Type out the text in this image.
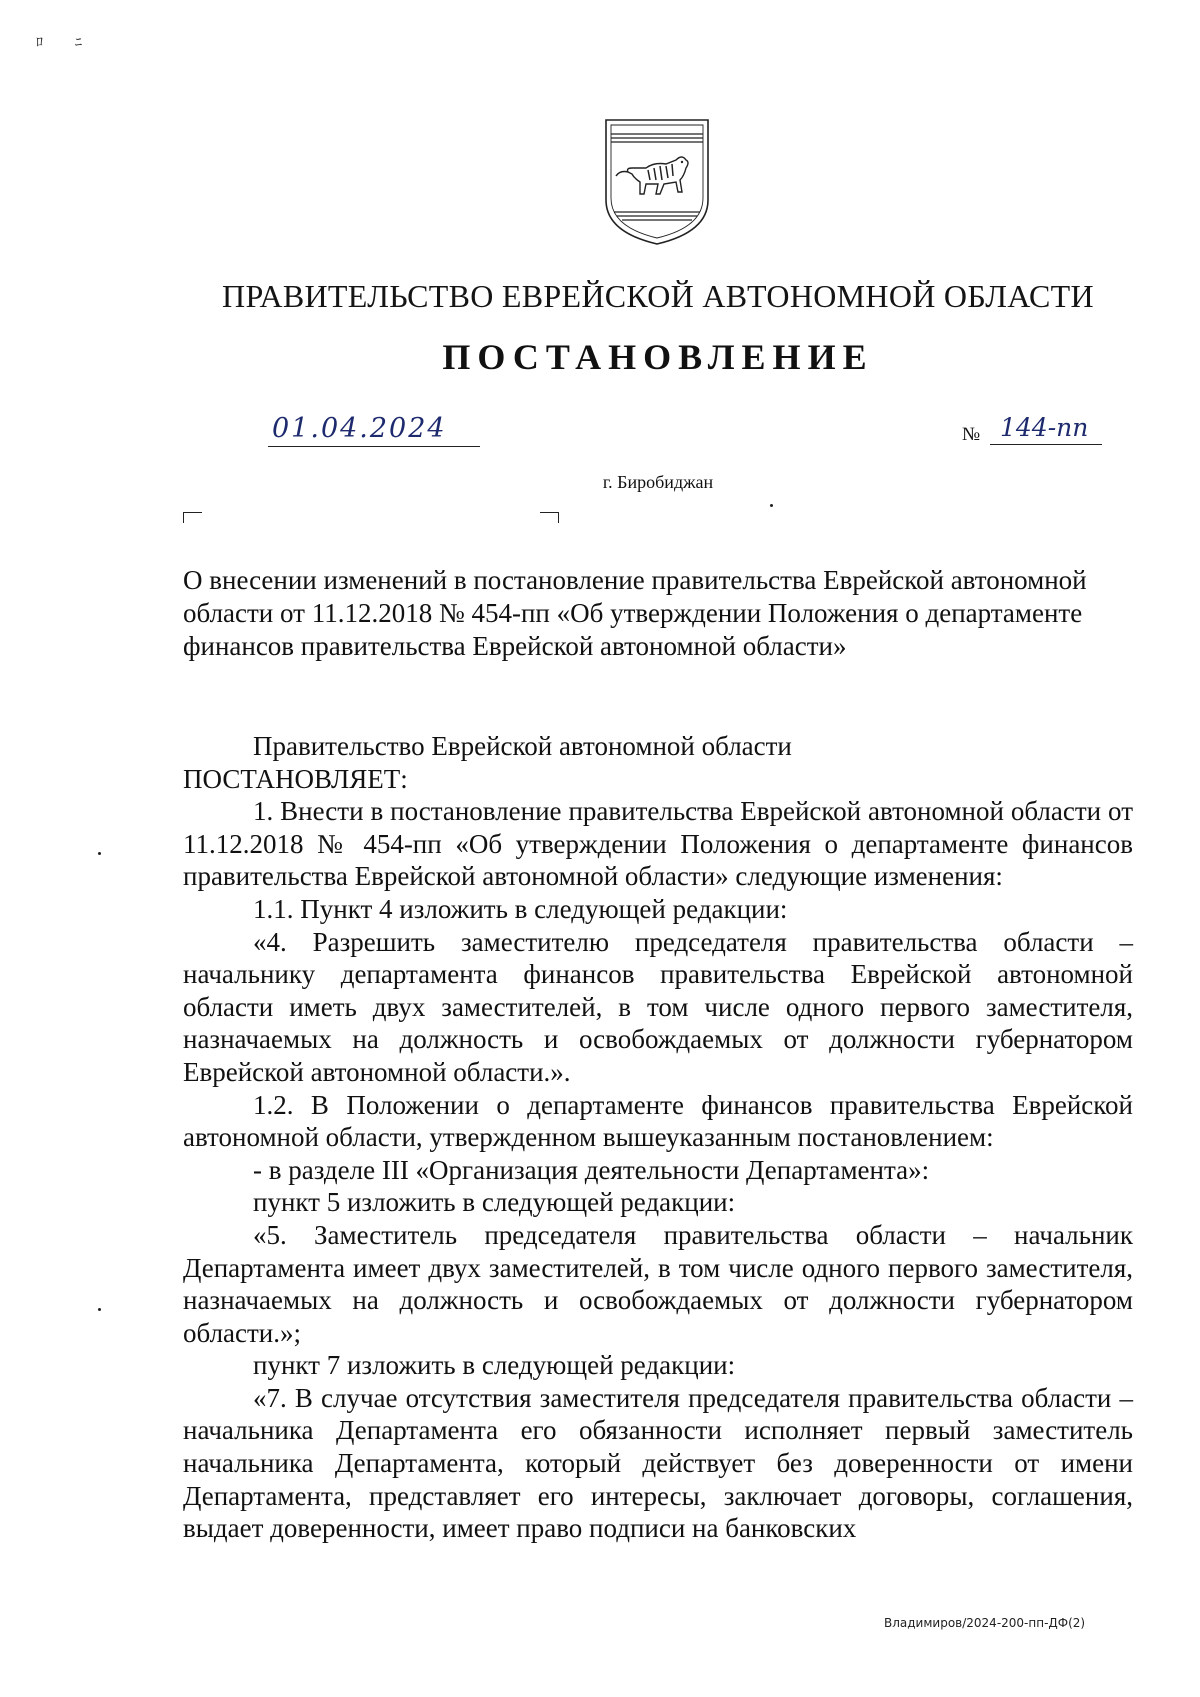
ﾛﾆ
ПРАВИТЕЛЬСТВО ЕВРЕЙСКОЙ АВТОНОМНОЙ ОБЛАСТИ
ПОСТАНОВЛЕНИЕ
01.04.2024	№ 144-пп
г. Биробиджан
О внесении изменений в постановление правительства Еврейской автономной области от 11.12.2018 № 454-пп «Об утверждении Положения о департаменте финансов правительства Еврейской автономной области»

Правительство Еврейской автономной области

ПОСТАНОВЛЯЕТ:

1. Внести в постановление правительства Еврейской автономной области от 11.12.2018 № 454-пп «Об утверждении Положения о департаменте финансов правительства Еврейской автономной области» следующие изменения:

1.1. Пункт 4 изложить в следующей редакции:

«4. Разрешить заместителю председателя правительства области – начальнику департамента финансов правительства Еврейской автономной области иметь двух заместителей, в том числе одного первого заместителя, назначаемых на должность и освобождаемых от должности губернатором Еврейской автономной области.».

1.2. В Положении о департаменте финансов правительства Еврейской автономной области, утвержденном вышеуказанным постановлением:

- в разделе III «Организация деятельности Департамента»:

пункт 5 изложить в следующей редакции:

«5. Заместитель председателя правительства области – начальник Департамента имеет двух заместителей, в том числе одного первого заместителя, назначаемых на должность и освобождаемых от должности губернатором области.»;

пункт 7 изложить в следующей редакции:

«7. В случае отсутствия заместителя председателя правительства области – начальника Департамента его обязанности исполняет первый заместитель начальника Департамента, который действует без доверенности от имени Департамента, представляет его интересы, заключает договоры, соглашения, выдает доверенности, имеет право подписи на банковских

Владимиров/2024-200-пп-ДФ(2)
